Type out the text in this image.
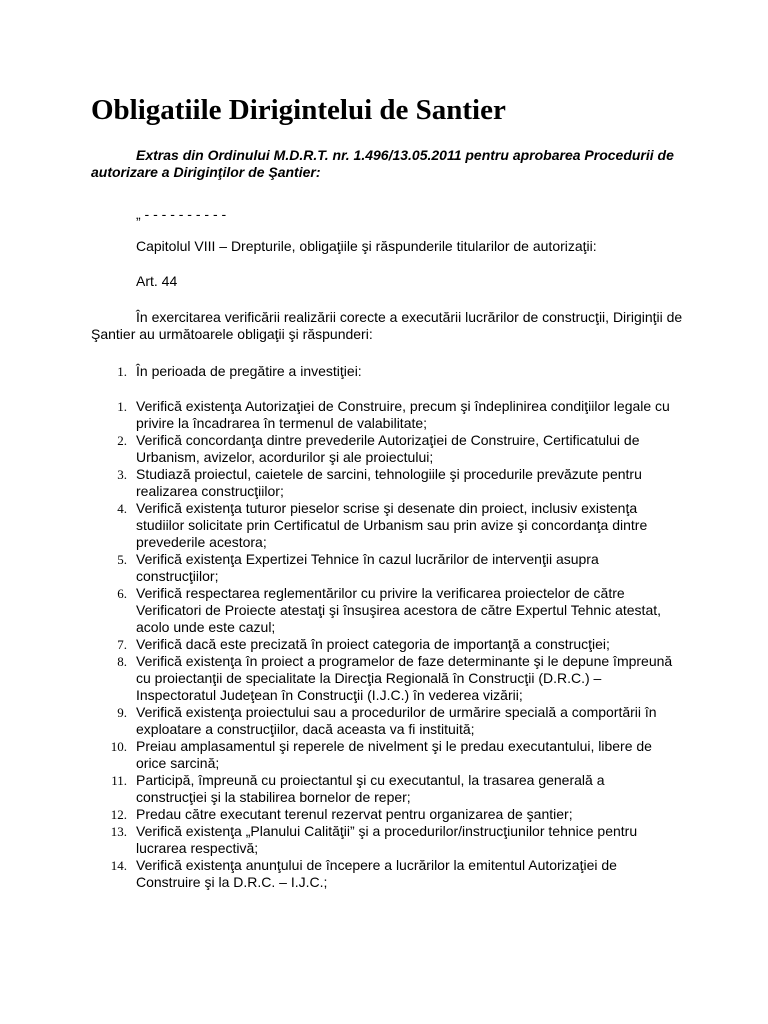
Obligatiile Dirigintelui de Santier

Extras din Ordinului M.D.R.T. nr. 1.496/13.05.2011 pentru aprobarea Procedurii de autorizare a Diriginţilor de Şantier:

„ - - - - - - - - - -

Capitolul VIII – Drepturile, obligaţiile şi răspunderile titularilor de autorizaţii:

Art. 44

În exercitarea verificării realizării corecte a executării lucrărilor de construcţii, Diriginţii de Şantier au următoarele obligaţii şi răspunderi:

1. În perioada de pregătire a investiţiei:
1. Verifică existenţa Autorizaţiei de Construire, precum şi îndeplinirea condiţiilor legale cu privire la încadrarea în termenul de valabilitate;
2. Verifică concordanţa dintre prevederile Autorizaţiei de Construire, Certificatului de Urbanism, avizelor, acordurilor şi ale proiectului;
3. Studiază proiectul, caietele de sarcini, tehnologiile şi procedurile prevăzute pentru realizarea construcţiilor;
4. Verifică existenţa tuturor pieselor scrise şi desenate din proiect, inclusiv existenţa studiilor solicitate prin Certificatul de Urbanism sau prin avize şi concordanţa dintre prevederile acestora;
5. Verifică existenţa Expertizei Tehnice în cazul lucrărilor de intervenţii asupra construcţiilor;
6. Verifică respectarea reglementărilor cu privire la verificarea proiectelor de către Verificatori de Proiecte atestaţi şi însuşirea acestora de către Expertul Tehnic atestat, acolo unde este cazul;
7. Verifică dacă este precizată în proiect categoria de importanţă a construcţiei;
8. Verifică existenţa în proiect a programelor de faze determinante şi le depune împreună cu proiectanţii de specialitate la Direcţia Regională în Construcţii (D.R.C.) – Inspectoratul Judeţean în Construcţii (I.J.C.) în vederea vizării;
9. Verifică existenţa proiectului sau a procedurilor de urmărire specială a comportării în exploatare a construcţiilor, dacă aceasta va fi instituită;
10. Preiau amplasamentul şi reperele de nivelment şi le predau executantului, libere de orice sarcină;
11. Participă, împreună cu proiectantul şi cu executantul, la trasarea generală a construcţiei şi la stabilirea bornelor de reper;
12. Predau către executant terenul rezervat pentru organizarea de şantier;
13. Verifică existenţa „Planului Calităţii” şi a procedurilor/instrucţiunilor tehnice pentru lucrarea respectivă;
14. Verifică existenţa anunţului de începere a lucrărilor la emitentul Autorizaţiei de Construire şi la D.R.C. – I.J.C.;
